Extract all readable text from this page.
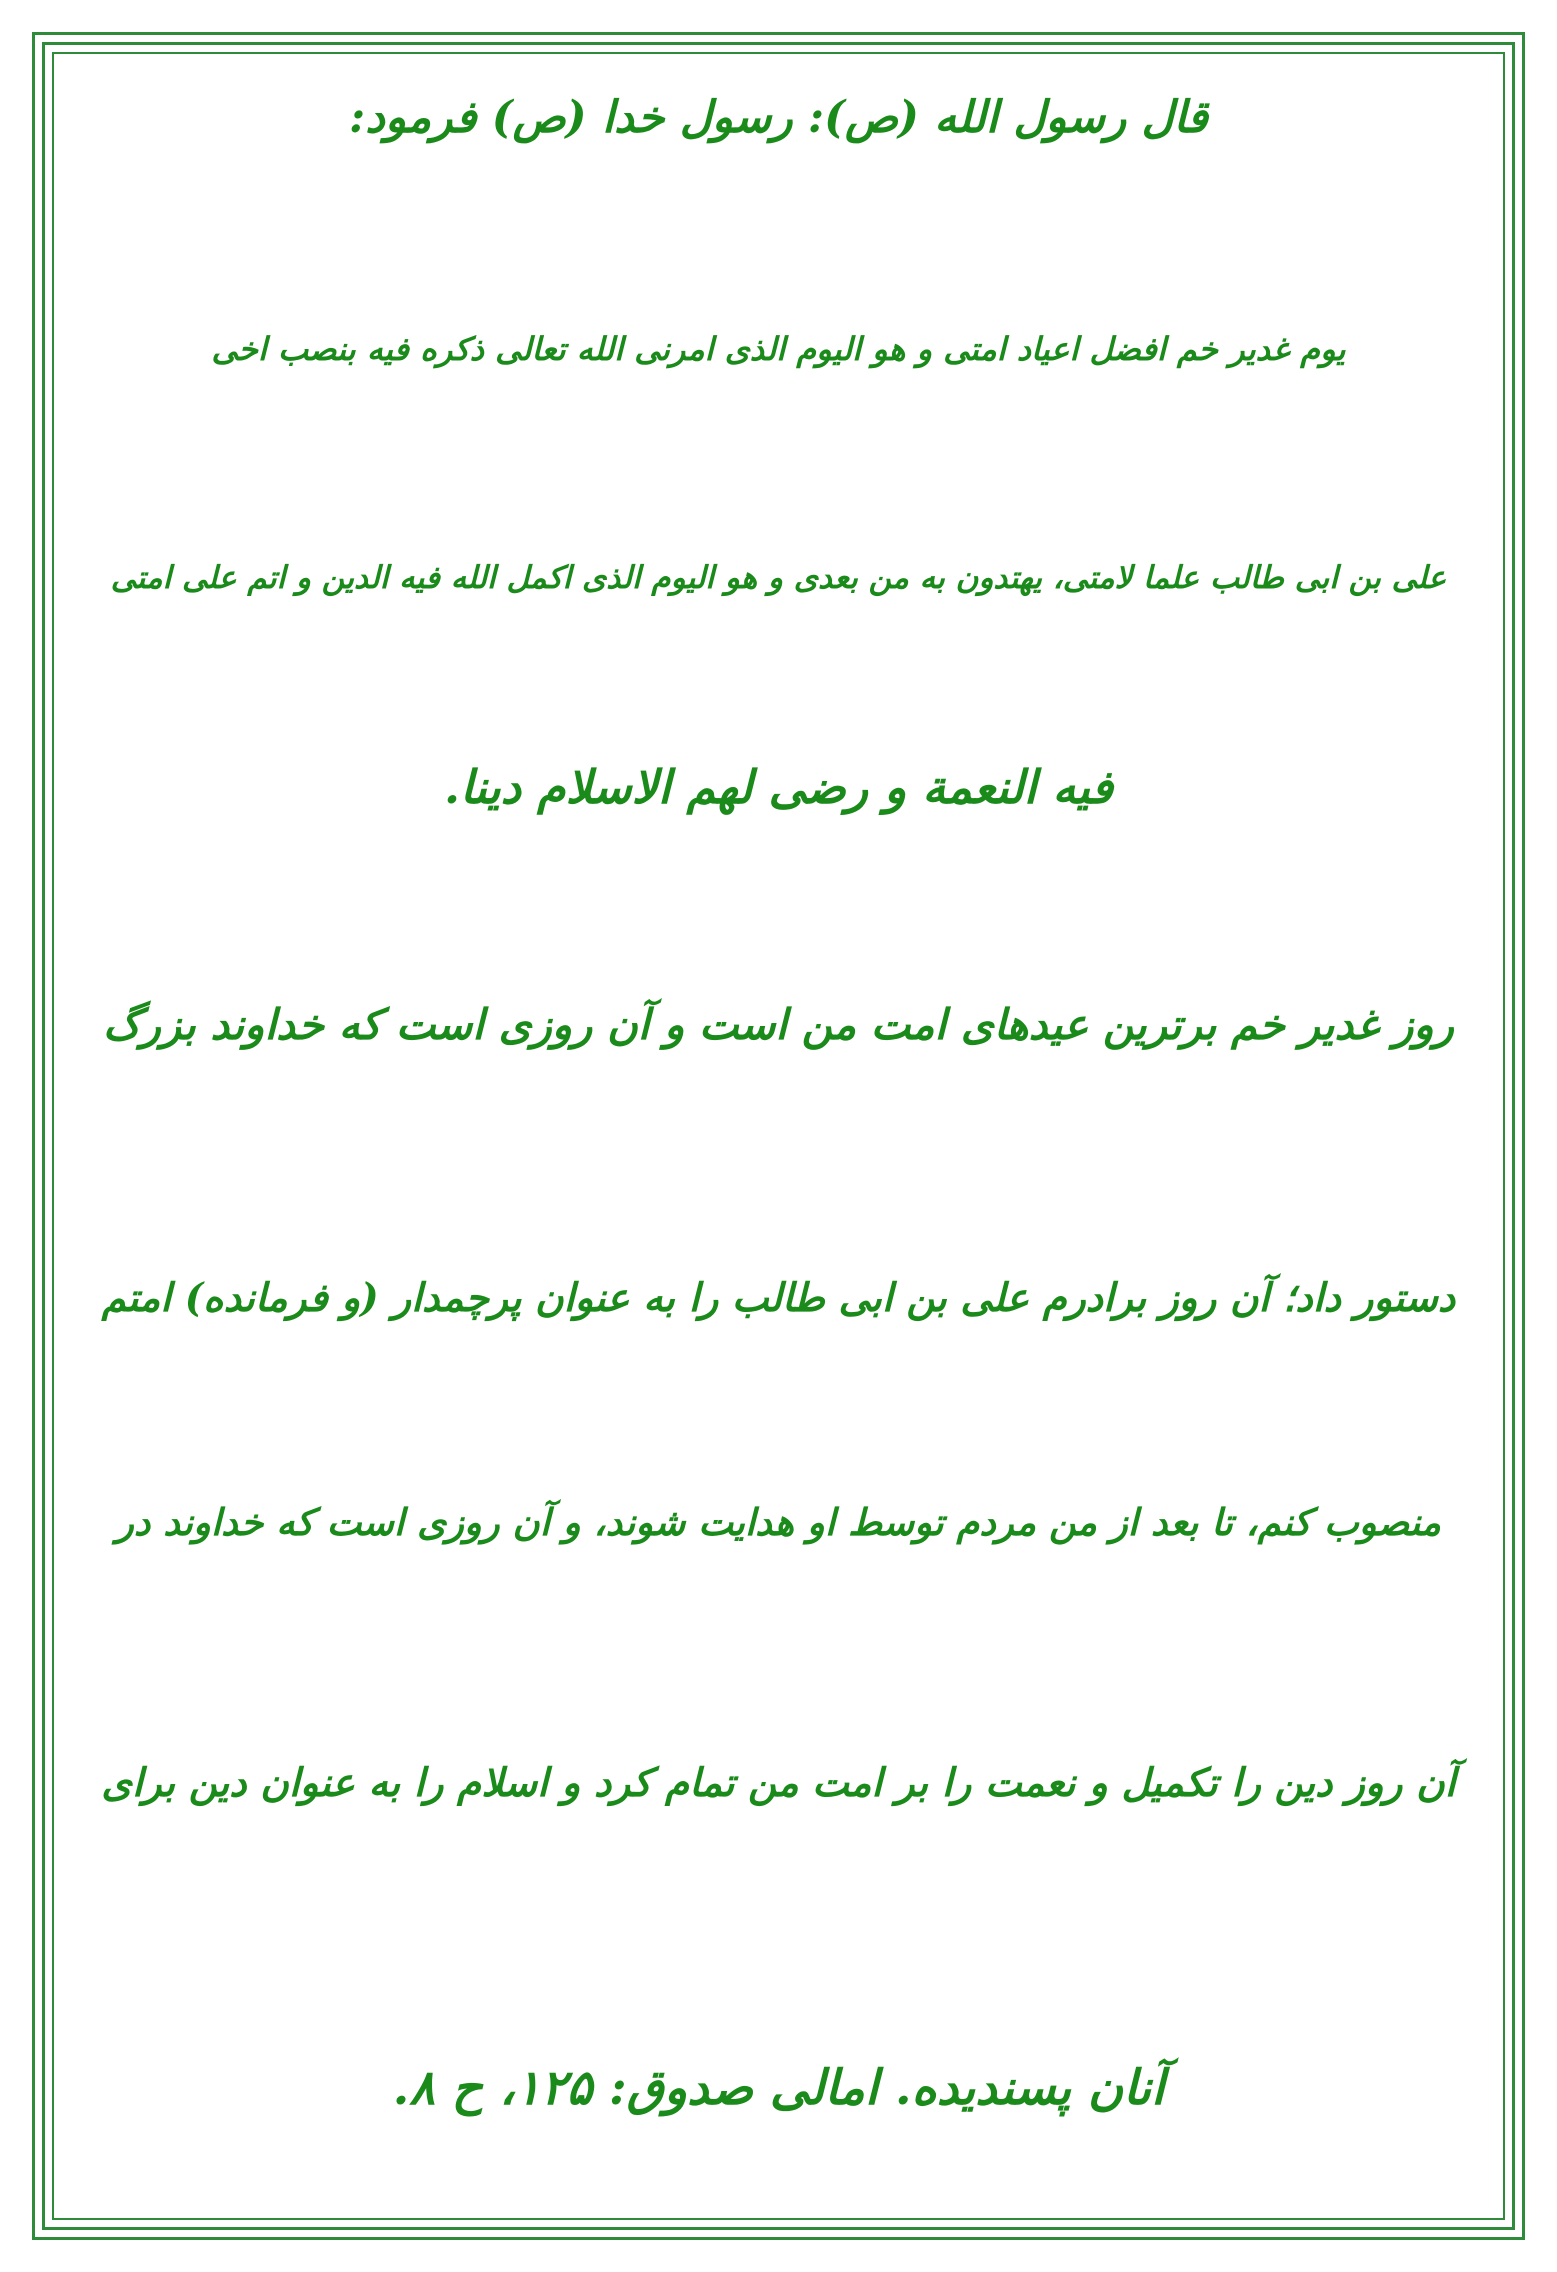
قال رسول الله (ص): رسول خدا (ص) فرمود:
یوم غدیر خم افضل اعیاد امتی و هو الیوم الذی امرنی الله تعالی ذکره فیه بنصب اخی
علی بن ابی طالب علما لامتی، یهتدون به من بعدی و هو الیوم الذی اکمل الله فیه الدین و اتم علی امتی
فیه النعمة و رضی لهم الاسلام دینا.
روز غدیر خم برترین عیدهای امت من است و آن روزی است که خداوند بزرگ
دستور داد؛ آن روز برادرم علی بن ابی طالب را به عنوان پرچمدار (و فرمانده) امتم
منصوب کنم، تا بعد از من مردم توسط او هدایت شوند، و آن روزی است که خداوند در
آن روز دین را تکمیل و نعمت را بر امت من تمام کرد و اسلام را به عنوان دین برای
آنان پسندیده. امالی صدوق: ۱۲۵، ح ۸.
